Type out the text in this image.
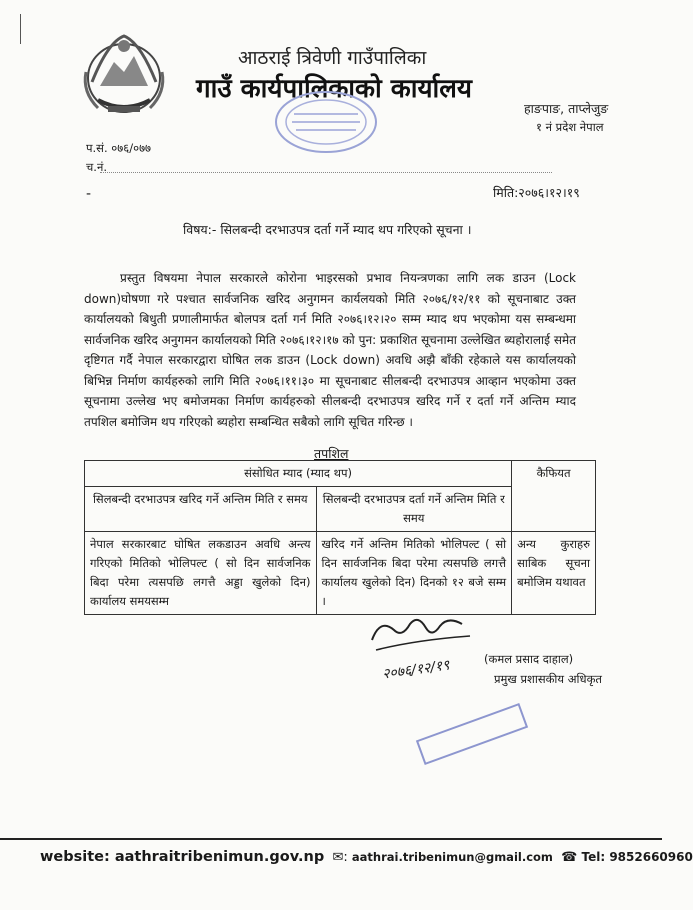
आठराई त्रिवेणी गाउँपालिका
गाउँ कार्यपालिकाको कार्यालय
हाङपाङ, ताप्लेजुङ
१ नं प्रदेश नेपाल
प.सं. ०७६/०७७
च.नं.
-	मिति:२०७६।१२।१९
विषय:- सिलबन्दी दरभाउपत्र दर्ता गर्ने म्याद थप गरिएको सूचना ।

प्रस्तुत विषयमा नेपाल सरकारले कोरोना भाइरसको प्रभाव नियन्त्रणका लागि लक डाउन (Lock down)घोषणा गरे पश्चात सार्वजनिक खरिद अनुगमन कार्यलयको मिति २०७६/१२/११ को सूचनाबाट उक्त कार्यालयको बिधुती प्रणालीमार्फत बोलपत्र दर्ता गर्न मिति २०७६।१२।२० सम्म म्याद थप भएकोमा यस सम्बन्धमा सार्वजनिक खरिद अनुगमन कार्यालयको मिति २०७६।१२।१७ को पुन: प्रकाशित सूचनामा उल्लेखित ब्यहोरालाई समेत दृष्टिगत गर्दै नेपाल सरकारद्वारा घोषित लक डाउन (Lock down) अवधि अझै बाँकी रहेकाले यस कार्यालयको बिभिन्न निर्माण कार्यहरुको लागि मिति २०७६।११।३० मा सूचनाबाट सीलबन्दी दरभाउपत्र आव्हान भएकोमा उक्त सूचनामा उल्लेख भए बमोजमका निर्माण कार्यहरुको सीलबन्दी दरभाउपत्र खरिद गर्ने र दर्ता गर्ने अन्तिम म्याद तपशिल बमोजिम थप गरिएको ब्यहोरा सम्बन्धित सबैको लागि सूचित गरिन्छ ।

तपशिल
संसोधित म्याद (म्याद थप)		कैफियत
सिलबन्दी दरभाउपत्र खरिद गर्ने अन्तिम मिति र समय	सिलबन्दी दरभाउपत्र दर्ता गर्ने अन्तिम मिति र समय	
नेपाल सरकारबाट घोषित लकडाउन अवधि अन्त्य गरिएको मितिको भोलिपल्ट ( सो दिन सार्वजनिक बिदा परेमा त्यसपछि लगत्तै अड्डा खुलेको दिन) कार्यालय समयसम्म	खरिद गर्ने अन्तिम मितिको भोलिपल्ट ( सो दिन सार्वजनिक बिदा परेमा त्यसपछि लगत्तै कार्यालय खुलेको दिन) दिनको १२ बजे सम्म ।	अन्य कुराहरु साबिक सूचना बमोजिम यथावत
२०७६/१२/१९	(कमल प्रसाद दाहाल)
प्रमुख प्रशासकीय अधिकृत
website: aathraitribenimun.gov.np ✉: aathrai.tribenimun@gmail.com ☎ Tel: 9852660960
